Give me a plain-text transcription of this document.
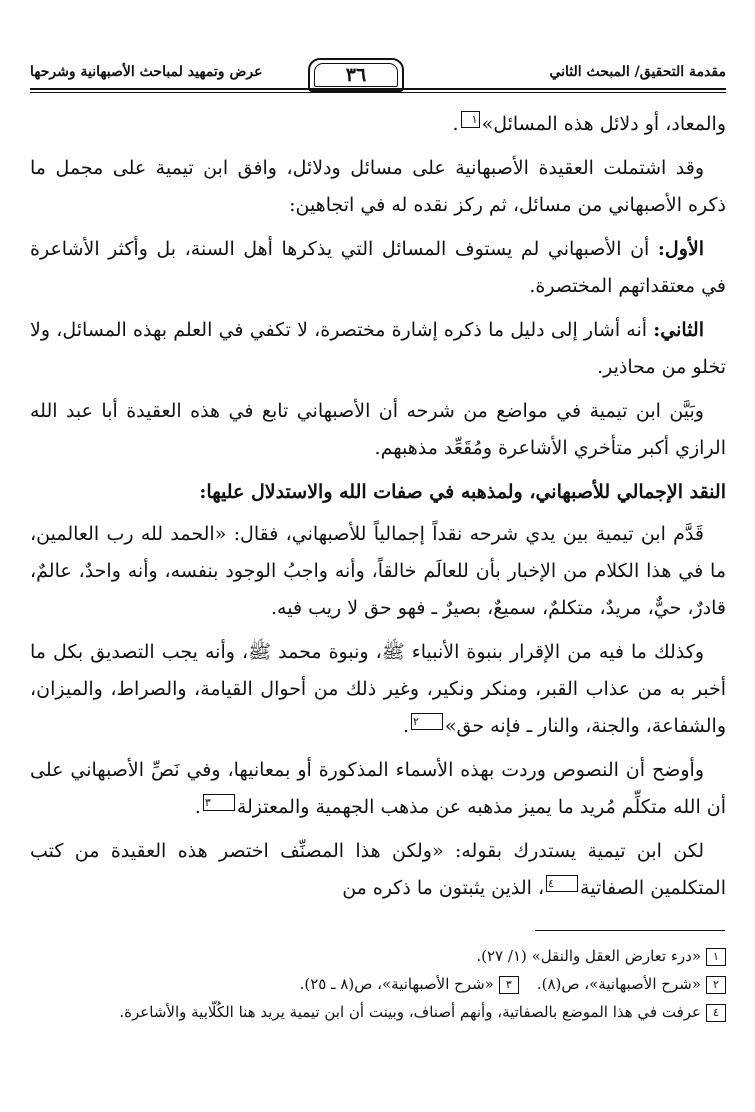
مقدمة التحقيق/ المبحث الثاني
٣٦
عرض وتمهيد لمباحث الأصبهانية وشرحها

والمعاد، أو دلائل هذه المسائل»١.

وقد اشتملت العقيدة الأصبهانية على مسائل ودلائل، وافق ابن تيمية على مجمل ما ذكره الأصبهاني من مسائل، ثم ركز نقده له في اتجاهين:

الأول: أن الأصبهاني لم يستوف المسائل التي يذكرها أهل السنة، بل وأكثر الأشاعرة في معتقداتهم المختصرة.

الثاني: أنه أشار إلى دليل ما ذكره إشارة مختصرة، لا تكفي في العلم بهذه المسائل، ولا تخلو من محاذير.

وبَيَّن ابن تيمية في مواضع من شرحه أن الأصبهاني تابع في هذه العقيدة أبا عبد الله الرازي أكبر متأخري الأشاعرة ومُقَعِّد مذهبهم.

النقد الإجمالي للأصبهاني، ولمذهبه في صفات الله والاستدلال عليها:

قَدَّم ابن تيمية بين يدي شرحه نقداً إجمالياً للأصبهاني، فقال: «الحمد لله رب العالمين، ما في هذا الكلام من الإخبار بأن للعالَم خالقاً، وأنه واجبُ الوجود بنفسه، وأنه واحدٌ، عالمٌ، قادرٌ، حيٌّ، مريدٌ، متكلمٌ، سميعٌ، بصيرٌ ـ فهو حق لا ريب فيه.

وكذلك ما فيه من الإقرار بنبوة الأنبياء ﷺ، ونبوة محمد ﷺ، وأنه يجب التصديق بكل ما أخبر به من عذاب القبر، ومنكر ونكير، وغير ذلك من أحوال القيامة، والصراط، والميزان، والشفاعة، والجنة، والنار ـ فإنه حق»٢.

وأوضح أن النصوص وردت بهذه الأسماء المذكورة أو بمعانيها، وفي نَصِّ الأصبهاني على أن الله متكلِّم مُريد ما يميز مذهبه عن مذهب الجهمية والمعتزلة٣.

لكن ابن تيمية يستدرك بقوله: «ولكن هذا المصنِّف اختصر هذه العقيدة من كتب المتكلمين الصفاتية٤، الذين يثبتون ما ذكره من

١«درء تعارض العقل والنقل» (١/ ٢٧).

٢«شرح الأصبهانية»، ص(٨).٣«شرح الأصبهانية»، ص(٨ ـ ٢٥).

٤عرفت في هذا الموضع بالصفاتية، وأنهم أصناف، وبينت أن ابن تيمية يريد هنا الكُلّابية والأشاعرة.
